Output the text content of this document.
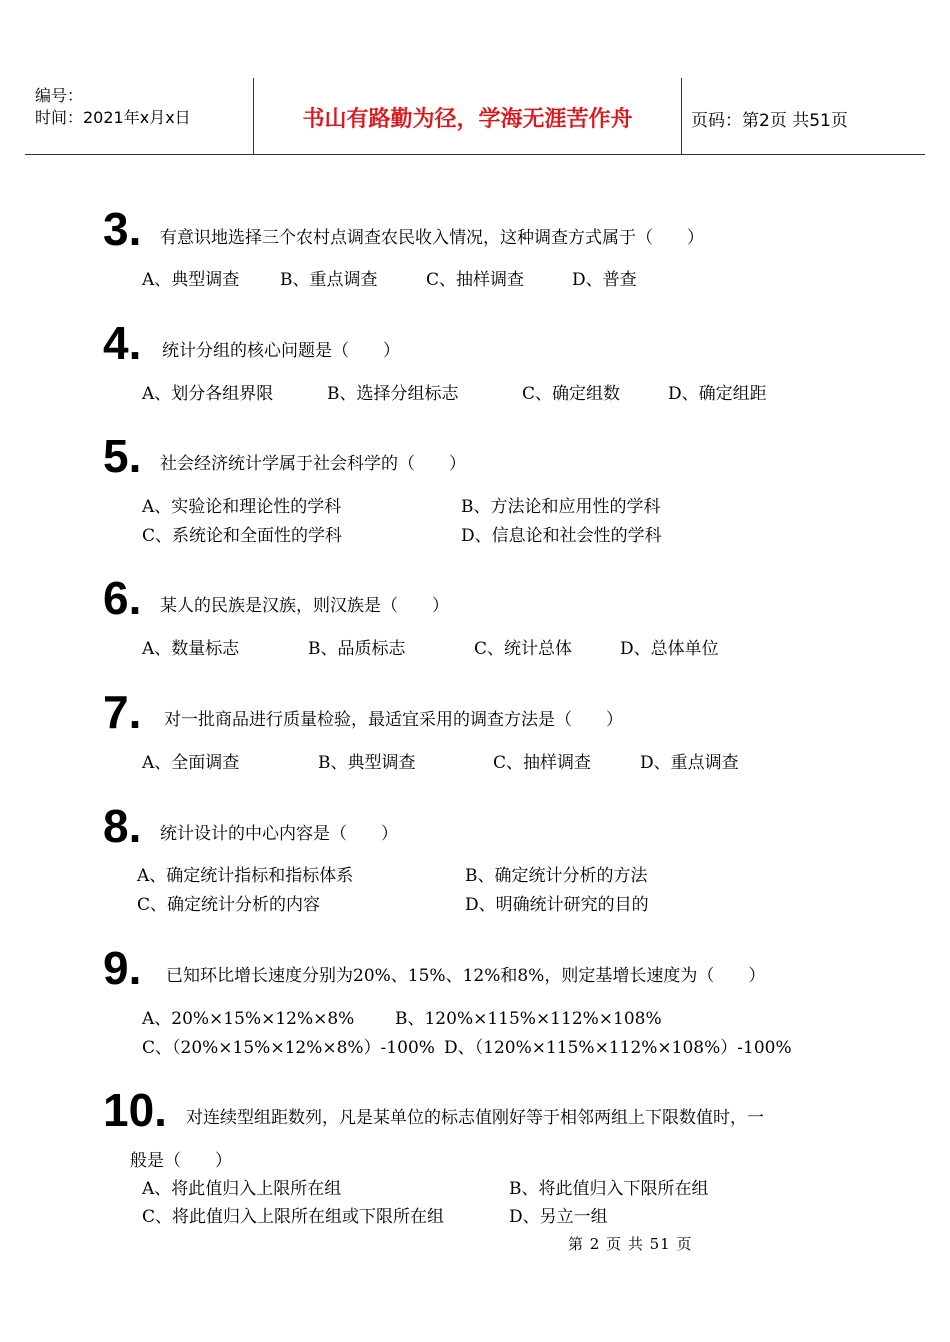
编号：
时间：2021年x月x日	书山有路勤为径，学海无涯苦作舟	页码：第2页 共51页
3. 有意识地选择三个农村点调查农民收入情况，这种调查方式属于（　　）
A、典型调查 B、重点调查	C、抽样调查	D、普查
4. 统计分组的核心问题是（　　）
A、划分各组界限	B、选择分组标志	C、确定组数	D、确定组距
5. 社会经济统计学属于社会科学的（　　）
A、实验论和理论性的学科	B、方法论和应用性的学科
C、系统论和全面性的学科	D、信息论和社会性的学科
6. 某人的民族是汉族，则汉族是（　　）
A、数量标志	B、品质标志	C、统计总体	D、总体单位
7. 对一批商品进行质量检验，最适宜采用的调查方法是（　　）
A、全面调查	B、典型调查	C、抽样调查	D、重点调查
8. 统计设计的中心内容是（　　）
A、确定统计指标和指标体系	B、确定统计分析的方法
C、确定统计分析的内容	D、明确统计研究的目的
9. 已知环比增长速度分别为20%、15%、12%和8%，则定基增长速度为（　　）
A、20%×15%×12%×8% B、120%×115%×112%×108%
C、（20%×15%×12%×8%）-100% D、（120%×115%×112%×108%）-100%
10. 对连续型组距数列，凡是某单位的标志值刚好等于相邻两组上下限数值时，一
般是（　　）
A、将此值归入上限所在组	B、将此值归入下限所在组
C、将此值归入上限所在组或下限所在组	D、另立一组
第 2 页 共 51 页
